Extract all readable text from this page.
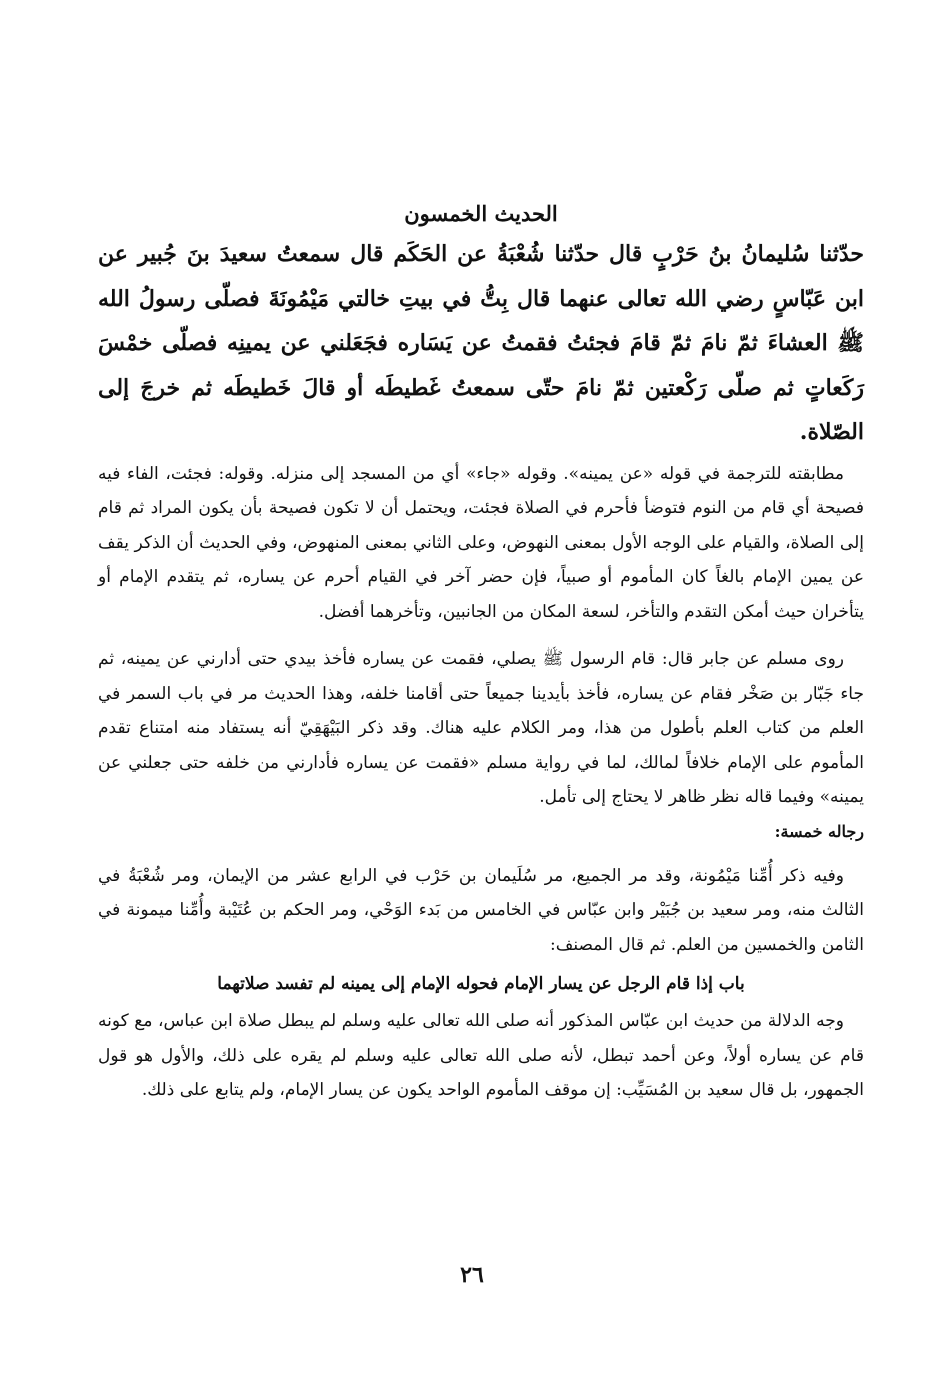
الحديث الخمسون

حدّثنا سُليمانُ بنُ حَرْبٍ قال حدّثنا شُعْبَةُ عن الحَكَم قال سمعتُ سعيدَ بنَ جُبير عن ابن عَبّاسٍ رضي الله تعالى عنهما قال بِتُّ في بيتِ خالتي مَيْمُونَةَ فصلّى رسولُ الله ﷺ العشاءَ ثمّ نامَ ثمّ قامَ فجئتُ فقمتُ عن يَسَاره فجَعَلني عن يمينِه فصلّى خمْسَ رَكَعاتٍ ثم صلّى رَكْعتين ثمّ نامَ حتّى سمعتُ غَطيطَه أو قالَ خَطيطَه ثم خرجَ إلى الصّلاة.

مطابقته للترجمة في قوله «عن يمينه». وقوله «جاء» أي من المسجد إلى منزله. وقوله: فجئت، الفاء فيه فصيحة أي قام من النوم فتوضأ فأحرم في الصلاة فجئت، ويحتمل أن لا تكون فصيحة بأن يكون المراد ثم قام إلى الصلاة، والقيام على الوجه الأول بمعنى النهوض، وعلى الثاني بمعنى المنهوض، وفي الحديث أن الذكر يقف عن يمين الإمام بالغاً كان المأموم أو صبياً، فإن حضر آخر في القيام أحرم عن يساره، ثم يتقدم الإمام أو يتأخران حيث أمكن التقدم والتأخر، لسعة المكان من الجانبين، وتأخرهما أفضل.

روى مسلم عن جابر قال: قام الرسول ﷺ يصلي، فقمت عن يساره فأخذ بيدي حتى أدارني عن يمينه، ثم جاء جَبّار بن صَخْر فقام عن يساره، فأخذ بأيدينا جميعاً حتى أقامنا خلفه، وهذا الحديث مر في باب السمر في العلم من كتاب العلم بأطول من هذا، ومر الكلام عليه هناك. وقد ذكر البَيْهَقِيّ أنه يستفاد منه امتناع تقدم المأموم على الإمام خلافاً لمالك، لما في رواية مسلم «فقمت عن يساره فأدارني من خلفه حتى جعلني عن يمينه» وفيما قاله نظر ظاهر لا يحتاج إلى تأمل.

رجاله خمسة:

وفيه ذكر أُمِّنا مَيْمُونة، وقد مر الجميع، مر سُلَيمان بن حَرْب في الرابع عشر من الإيمان، ومر شُعْبَةُ في الثالث منه، ومر سعيد بن جُبَيْر وابن عبّاس في الخامس من بَدء الوَحْي، ومر الحكم بن عُتَيْبة وأُمِّنا ميمونة في الثامن والخمسين من العلم. ثم قال المصنف:

باب إذا قام الرجل عن يسار الإمام فحوله الإمام إلى يمينه لم تفسد صلاتهما

وجه الدلالة من حديث ابن عبّاس المذكور أنه صلى الله تعالى عليه وسلم لم يبطل صلاة ابن عباس، مع كونه قام عن يساره أولاً، وعن أحمد تبطل، لأنه صلى الله تعالى عليه وسلم لم يقره على ذلك، والأول هو قول الجمهور، بل قال سعيد بن المُسَيِّب: إن موقف المأموم الواحد يكون عن يسار الإمام، ولم يتابع على ذلك.

٢٦
